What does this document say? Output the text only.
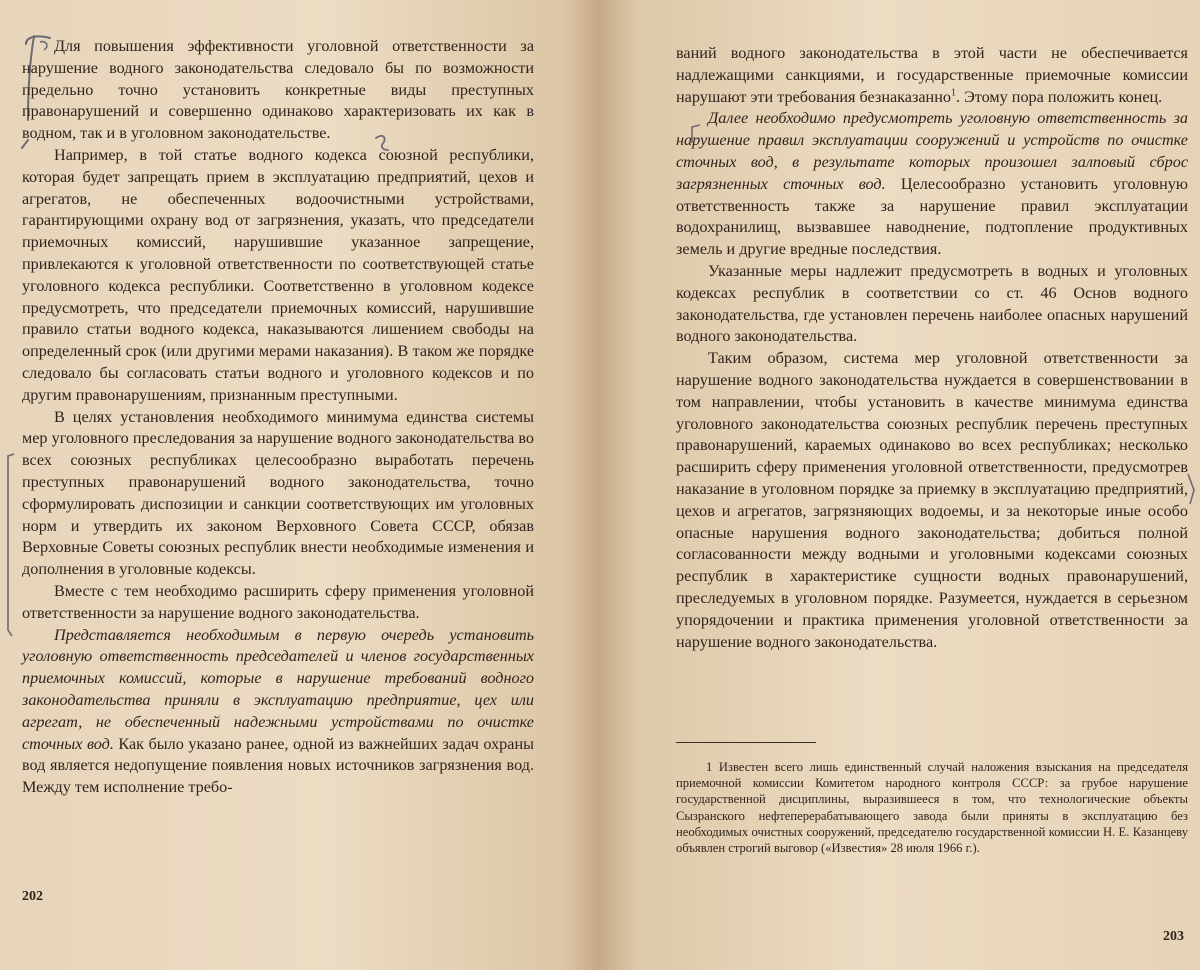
Для повышения эффективности уголовной ответственности за нарушение водного законодательства следовало бы по возможности предельно точно установить конкретные виды преступных правонарушений и совершенно одинаково характеризовать их как в водном, так и в уголовном законодательстве.

Например, в той статье водного кодекса союзной республики, которая будет запрещать прием в эксплуатацию предприятий, цехов и агрегатов, не обеспеченных водоочистными устройствами, гарантирующими охрану вод от загрязнения, указать, что председатели приемочных комиссий, нарушившие указанное запрещение, привлекаются к уголовной ответственности по соответствующей статье уголовного кодекса республики. Соответственно в уголовном кодексе предусмотреть, что председатели приемочных комиссий, нарушившие правило статьи водного кодекса, наказываются лишением свободы на определенный срок (или другими мерами наказания). В таком же порядке следовало бы согласовать статьи водного и уголовного кодексов и по другим правонарушениям, признанным преступными.

В целях установления необходимого минимума единства системы мер уголовного преследования за нарушение водного законодательства во всех союзных республиках целесообразно выработать перечень преступных правонарушений водного законодательства, точно сформулировать диспозиции и санкции соответствующих им уголовных норм и утвердить их законом Верховного Совета СССР, обязав Верховные Советы союзных республик внести необходимые изменения и дополнения в уголовные кодексы.

Вместе с тем необходимо расширить сферу применения уголовной ответственности за нарушение водного законодательства.

Представляется необходимым в первую очередь установить уголовную ответственность председателей и членов государственных приемочных комиссий, которые в нарушение требований водного законодательства приняли в эксплуатацию предприятие, цех или агрегат, не обеспеченный надежными устройствами по очистке сточных вод. Как было указано ранее, одной из важнейших задач охраны вод является недопущение появления новых источников загрязнения вод. Между тем исполнение требо-

202

ваний водного законодательства в этой части не обеспечивается надлежащими санкциями, и государственные приемочные комиссии нарушают эти требования безнаказанно$^1$. Этому пора положить конец.

Далее необходимо предусмотреть уголовную ответственность за нарушение правил эксплуатации сооружений и устройств по очистке сточных вод, в результате которых произошел залповый сброс загрязненных сточных вод. Целесообразно установить уголовную ответственность также за нарушение правил эксплуатации водохранилищ, вызвавшее наводнение, подтопление продуктивных земель и другие вредные последствия.

Указанные меры надлежит предусмотреть в водных и уголовных кодексах республик в соответствии со ст. 46 Основ водного законодательства, где установлен перечень наиболее опасных нарушений водного законодательства.

Таким образом, система мер уголовной ответственности за нарушение водного законодательства нуждается в совершенствовании в том направлении, чтобы установить в качестве минимума единства уголовного законодательства союзных республик перечень преступных правонарушений, караемых одинаково во всех республиках; несколько расширить сферу применения уголовной ответственности, предусмотрев наказание в уголовном порядке за приемку в эксплуатацию предприятий, цехов и агрегатов, загрязняющих водоемы, и за некоторые иные особо опасные нарушения водного законодательства; добиться полной согласованности между водными и уголовными кодексами союзных республик в характеристике сущности водных правонарушений, преследуемых в уголовном порядке. Разумеется, нуждается в серьезном упорядочении и практика применения уголовной ответственности за нарушение водного законодательства.

1 Известен всего лишь единственный случай наложения взыскания на председателя приемочной комиссии Комитетом народного контроля СССР: за грубое нарушение государственной дисциплины, выразившееся в том, что технологические объекты Сызранского нефтеперерабатывающего завода были приняты в эксплуатацию без необходимых очистных сооружений, председателю государственной комиссии Н. Е. Казанцеву объявлен строгий выговор («Известия» 28 июля 1966 г.).

203
